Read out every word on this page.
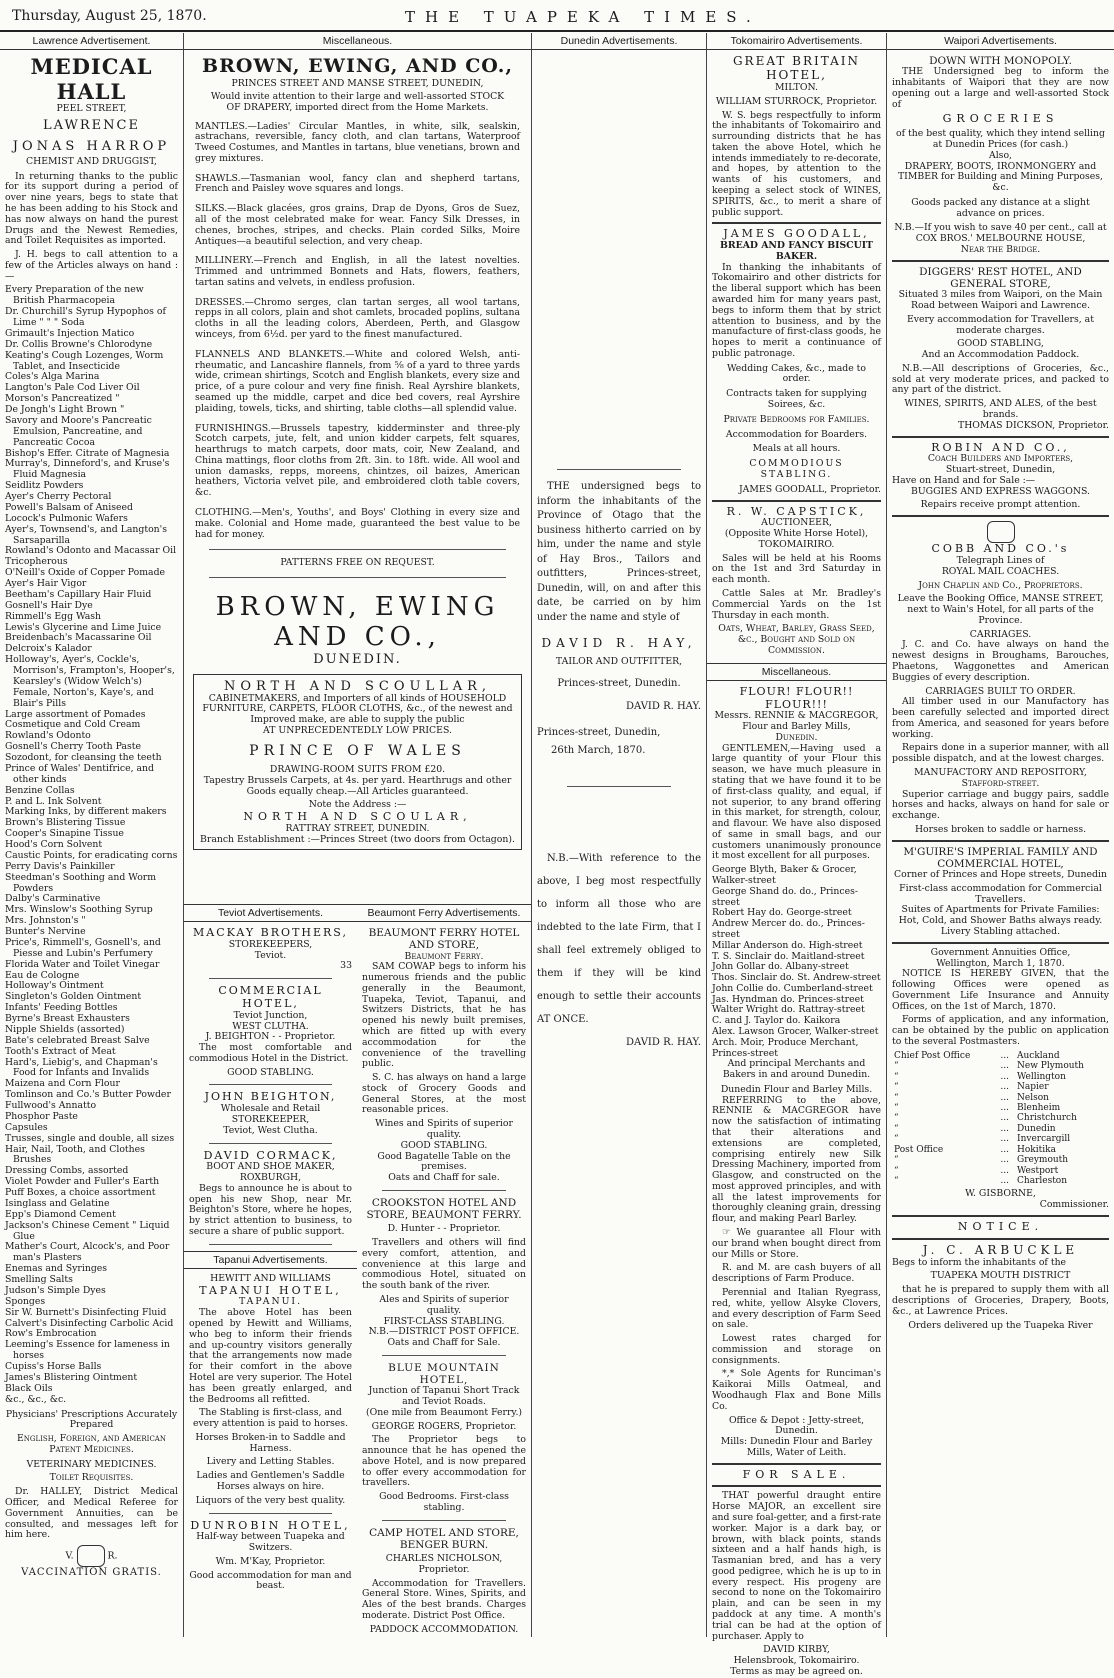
Thursday, August 25, 1870.	THE TUAPEKA TIMES.
Lawrence Advertisement.
MEDICAL HALL
PEEL STREET,
LAWRENCE
JONAS HARROP
CHEMIST AND DRUGGIST,
In returning thanks to the public for its support during a period of over nine years, begs to state that he has been adding to his Stock and has now always on hand the purest Drugs and the Newest Remedies, and Toilet Requisites as imported.
J. H. begs to call attention to a few of the Articles always on hand :—
Every Preparation of the new British Pharmacopeia
Dr. Churchill's Syrup Hypophos of Lime " " " Soda
Grimault's Injection Matico
Dr. Collis Browne's Chlorodyne
Keating's Cough Lozenges, Worm Tablet, and Insecticide
Coles's Alga Marina
Langton's Pale Cod Liver Oil
Morson's Pancreatized "
De Jongh's Light Brown "
Savory and Moore's Pancreatic Emulsion, Pancreatine, and Pancreatic Cocoa
Bishop's Effer. Citrate of Magnesia
Murray's, Dinneford's, and Kruse's Fluid Magnesia
Seidlitz Powders
Ayer's Cherry Pectoral
Powell's Balsam of Aniseed
Locock's Pulmonic Wafers
Ayer's, Townsend's, and Langton's Sarsaparilla
Rowland's Odonto and Macassar Oil
Tricopherous
O'Neill's Oxide of Copper Pomade
Ayer's Hair Vigor
Beetham's Capillary Hair Fluid
Gosnell's Hair Dye
Rimmell's Egg Wash
Lewis's Glycerine and Lime Juice
Breidenbach's Macassarine Oil
Delcroix's Kalador
Holloway's, Ayer's, Cockle's, Morrison's, Frampton's, Hooper's, Kearsley's (Widow Welch's) Female, Norton's, Kaye's, and Blair's Pills
Large assortment of Pomades
Cosmetique and Cold Cream
Rowland's Odonto
Gosnell's Cherry Tooth Paste
Sozodont, for cleansing the teeth
Prince of Wales' Dentifrice, and other kinds
Benzine Collas
P. and L. Ink Solvent
Marking Inks, by different makers
Brown's Blistering Tissue
Cooper's Sinapine Tissue
Hood's Corn Solvent
Caustic Points, for eradicating corns
Perry Davis's Painkiller
Steedman's Soothing and Worm Powders
Dalby's Carminative
Mrs. Winslow's Soothing Syrup
Mrs. Johnston's "
Bunter's Nervine
Price's, Rimmell's, Gosnell's, and Piesse and Lubin's Perfumery
Florida Water and Toilet Vinegar
Eau de Cologne
Holloway's Ointment
Singleton's Golden Ointment
Infants' Feeding Bottles
Byrne's Breast Exhausters
Nipple Shields (assorted)
Bate's celebrated Breast Salve
Tooth's Extract of Meat
Hard's, Liebig's, and Chapman's Food for Infants and Invalids
Maizena and Corn Flour
Tomlinson and Co.'s Butter Powder
Fullwood's Annatto
Phosphor Paste
Capsules
Trusses, single and double, all sizes
Hair, Nail, Tooth, and Clothes Brushes
Dressing Combs, assorted
Violet Powder and Fuller's Earth
Puff Boxes, a choice assortment
Isinglass and Gelatine
Epp's Diamond Cement
Jackson's Chinese Cement " Liquid Glue
Mather's Court, Alcock's, and Poor man's Plasters
Enemas and Syringes
Smelling Salts
Judson's Simple Dyes
Sponges
Sir W. Burnett's Disinfecting Fluid
Calvert's Disinfecting Carbolic Acid
Row's Embrocation
Leeming's Essence for lameness in horses
Cupiss's Horse Balls
James's Blistering Ointment
Black Oils
&c., &c., &c.
Physicians' Prescriptions Accurately Prepared
English, Foreign, and American Patent Medicines.
VETERINARY MEDICINES.
Toilet Requisites.
Dr. HALLEY, District Medical Officer, and Medical Referee for Government Annuities, can be consulted, and messages left for him here.
V.	R.
VACCINATION GRATIS.
Miscellaneous.
BROWN, EWING, AND CO.,
PRINCES STREET AND MANSE STREET, DUNEDIN,
Would invite attention to their large and well-assorted STOCK OF DRAPERY, imported direct from the Home Markets.
MANTLES.—Ladies' Circular Mantles, in white, silk, sealskin, astrachans, reversible, fancy cloth, and clan tartans, Waterproof Tweed Costumes, and Mantles in tartans, blue venetians, brown and grey mixtures.
SHAWLS.—Tasmanian wool, fancy clan and shepherd tartans, French and Paisley wove squares and longs.
SILKS.—Black glacées, gros grains, Drap de Dyons, Gros de Suez, all of the most celebrated make for wear. Fancy Silk Dresses, in chenes, broches, stripes, and checks. Plain corded Silks, Moire Antiques—a beautiful selection, and very cheap.
MILLINERY.—French and English, in all the latest novelties. Trimmed and untrimmed Bonnets and Hats, flowers, feathers, tartan satins and velvets, in endless profusion.
DRESSES.—Chromo serges, clan tartan serges, all wool tartans, repps in all colors, plain and shot camlets, brocaded poplins, sultana cloths in all the leading colors, Aberdeen, Perth, and Glasgow winceys, from 6½d. per yard to the finest manufactured.
FLANNELS AND BLANKETS.—White and colored Welsh, anti-rheumatic, and Lancashire flannels, from ⅝ of a yard to three yards wide, crimean shirtings, Scotch and English blankets, every size and price, of a pure colour and very fine finish. Real Ayrshire blankets, seamed up the middle, carpet and dice bed covers, real Ayrshire plaiding, towels, ticks, and shirting, table cloths—all splendid value.
FURNISHINGS.—Brussels tapestry, kidderminster and three-ply Scotch carpets, jute, felt, and union kidder carpets, felt squares, hearthrugs to match carpets, door mats, coir, New Zealand, and China mattings, floor cloths from 2ft. 3in. to 18ft. wide. All wool and union damasks, repps, moreens, chintzes, oil baizes, American heathers, Victoria velvet pile, and embroidered cloth table covers, &c.
CLOTHING.—Men's, Youths', and Boys' Clothing in every size and make. Colonial and Home made, guaranteed the best value to be had for money.
PATTERNS FREE ON REQUEST.
BROWN, EWING AND CO.,
DUNEDIN.
NORTH AND SCOULLAR,
CABINETMAKERS, and Importers of all kinds of HOUSEHOLD FURNITURE, CARPETS, FLOOR CLOTHS, &c., of the newest and Improved make, are able to supply the public
AT UNPRECEDENTEDLY LOW PRICES.
PRINCE OF WALES
DRAWING-ROOM SUITS FROM £20.
Tapestry Brussels Carpets, at 4s. per yard. Hearthrugs and other Goods equally cheap.—All Articles guaranteed.
Note the Address :—
NORTH AND SCOULAR,
RATTRAY STREET, DUNEDIN.
Branch Establishment :—Princes Street (two doors from Octagon).
Teviot Advertisements.
MACKAY BROTHERS,
STOREKEEPERS,
Teviot.
33
COMMERCIAL HOTEL,
Teviot Junction,
WEST CLUTHA.
J. BEIGHTON - - Proprietor.
The most comfortable and commodious Hotel in the District.
GOOD STABLING.
JOHN BEIGHTON,
Wholesale and Retail
STOREKEEPER,
Teviot, West Clutha.
DAVID CORMACK,
BOOT AND SHOE MAKER,
ROXBURGH,
Begs to announce he is about to open his new Shop, near Mr. Beighton's Store, where he hopes, by strict attention to business, to secure a share of public support.
Tapanui Advertisements.
HEWITT AND WILLIAMS
TAPANUI HOTEL,
TAPANUI.
The above Hotel has been opened by Hewitt and Williams, who beg to inform their friends and up-country visitors generally that the arrangements now made for their comfort in the above Hotel are very superior. The Hotel has been greatly enlarged, and the Bedrooms all refitted.
The Stabling is first-class, and every attention is paid to horses.
Horses Broken-in to Saddle and Harness.
Livery and Letting Stables.
Ladies and Gentlemen's Saddle Horses always on hire.
Liquors of the very best quality.
DUNROBIN HOTEL,
Half-way between Tuapeka and Switzers.
Wm. M'Kay, Proprietor.
Good accommodation for man and beast.
Beaumont Ferry Advertisements.
BEAUMONT FERRY HOTEL AND STORE,
Beaumont Ferry.
SAM COWAP begs to inform his numerous friends and the public generally in the Beaumont, Tuapeka, Teviot, Tapanui, and Switzers Districts, that he has opened his newly built premises, which are fitted up with every accommodation for the convenience of the travelling public.
S. C. has always on hand a large stock of Grocery Goods and General Stores, at the most reasonable prices.
Wines and Spirits of superior quality.
GOOD STABLING.
Good Bagatelle Table on the premises.
Oats and Chaff for sale.
CROOKSTON HOTEL AND STORE, BEAUMONT FERRY.
D. Hunter - - Proprietor.
Travellers and others will find every comfort, attention, and convenience at this large and commodious Hotel, situated on the south bank of the river.
Ales and Spirits of superior quality.
FIRST-CLASS STABLING.
N.B.—DISTRICT POST OFFICE.
Oats and Chaff for Sale.
BLUE MOUNTAIN HOTEL,
Junction of Tapanui Short Track and Teviot Roads.
(One mile from Beaumont Ferry.)
GEORGE ROGERS, Proprietor.
The Proprietor begs to announce that he has opened the above Hotel, and is now prepared to offer every accommodation for travellers.
Good Bedrooms. First-class stabling.
CAMP HOTEL AND STORE, BENGER BURN.
CHARLES NICHOLSON, Proprietor.
Accommodation for Travellers. General Store. Wines, Spirits, and Ales of the best brands. Charges moderate. District Post Office.
PADDOCK ACCOMMODATION.
Dunedin Advertisements.

THE undersigned begs to inform the inhabitants of the Province of Otago that the business hitherto carried on by him, under the name and style of Hay Bros., Tailors and outfitters, Princes-street, Dunedin, will, on and after this date, be carried on by him under the name and style of

DAVID R. HAY,
TAILOR AND OUTFITTER,
Princes-street, Dunedin.
DAVID R. HAY.
Princes-street, Dunedin,
26th March, 1870.

N.B.—With reference to the above, I beg most respectfully to inform all those who are indebted to the late Firm, that I shall feel extremely obliged to them if they will be kind enough to settle their accounts AT ONCE.

DAVID R. HAY.
Tokomairiro Advertisements.
GREAT BRITAIN HOTEL,
MILTON.
WILLIAM STURROCK, Proprietor.
W. S. begs respectfully to inform the inhabitants of Tokomairiro and surrounding districts that he has taken the above Hotel, which he intends immediately to re-decorate, and hopes, by attention to the wants of his customers, and keeping a select stock of WINES, SPIRITS, &c., to merit a share of public support.
JAMES GOODALL,
BREAD AND FANCY BISCUIT BAKER.
In thanking the inhabitants of Tokomairiro and other districts for the liberal support which has been awarded him for many years past, begs to inform them that by strict attention to business, and by the manufacture of first-class goods, he hopes to merit a continuance of public patronage.
Wedding Cakes, &c., made to order.
Contracts taken for supplying Soirees, &c.
Private Bedrooms for Families.
Accommodation for Boarders.
Meals at all hours.
COMMODIOUS STABLING.
JAMES GOODALL, Proprietor.
R. W. CAPSTICK,
AUCTIONEER,
(Opposite White Horse Hotel), TOKOMAIRIRO.
Sales will be held at his Rooms on the 1st and 3rd Saturday in each month.
Cattle Sales at Mr. Bradley's Commercial Yards on the 1st Thursday in each month.
Oats, Wheat, Barley, Grass Seed, &c., Bought and Sold on Commission.
Miscellaneous.
FLOUR! FLOUR!! FLOUR!!!
Messrs. RENNIE & MACGREGOR, Flour and Barley Mills,
Dunedin.
GENTLEMEN,—Having used a large quantity of your Flour this season, we have much pleasure in stating that we have found it to be of first-class quality, and equal, if not superior, to any brand offering in this market, for strength, colour, and flavour. We have also disposed of same in small bags, and our customers unanimously pronounce it most excellent for all purposes.
George Blyth, Baker & Grocer, Walker-street
George Shand do. do., Princes-street
Robert Hay do. George-street
Andrew Mercer do. do., Princes-street
Millar Anderson do. High-street
T. S. Sinclair do. Maitland-street
John Gollar do. Albany-street
Thos. Sinclair do. St. Andrew-street
John Collie do. Cumberland-street
Jas. Hyndman do. Princes-street
Walter Wright do. Rattray-street
C. and J. Taylor do. Kaikora
Alex. Lawson Grocer, Walker-street
Arch. Moir, Produce Merchant, Princes-street
And principal Merchants and Bakers in and around Dunedin.
Dunedin Flour and Barley Mills.
REFERRING to the above, RENNIE & MACGREGOR have now the satisfaction of intimating that their alterations and extensions are completed, comprising entirely new Silk Dressing Machinery, imported from Glasgow, and constructed on the most approved principles, and with all the latest improvements for thoroughly cleaning grain, dressing flour, and making Pearl Barley.
☞ We guarantee all Flour with our brand when bought direct from our Mills or Store.
R. and M. are cash buyers of all descriptions of Farm Produce.
Perennial and Italian Ryegrass, red, white, yellow Alsyke Clovers, and every description of Farm Seed on sale.
Lowest rates charged for commission and storage on consignments.
*‚* Sole Agents for Runciman's Kaikorai Mills Oatmeal, and Woodhaugh Flax and Bone Mills Co.
Office & Depot : Jetty-street, Dunedin.
Mills: Dunedin Flour and Barley Mills, Water of Leith.
FOR SALE.
THAT powerful draught entire Horse MAJOR, an excellent sire and sure foal-getter, and a first-rate worker. Major is a dark bay, or brown, with black points, stands sixteen and a half hands high, is Tasmanian bred, and has a very good pedigree, which he is up to in every respect. His progeny are second to none on the Tokomairiro plain, and can be seen in my paddock at any time. A month's trial can be had at the option of purchaser. Apply to
DAVID KIRBY,
Helensbrook, Tokomairiro.
Terms as may be agreed on.
Waipori Advertisements.
DOWN WITH MONOPOLY.
THE Undersigned beg to inform the inhabitants of Waipori that they are now opening out a large and well-assorted Stock of
GROCERIES
of the best quality, which they intend selling at Dunedin Prices (for cash.)
Also,
DRAPERY, BOOTS, IRONMONGERY and TIMBER for Building and Mining Purposes, &c.
Goods packed any distance at a slight advance on prices.
N.B.—If you wish to save 40 per cent., call at
COX BROS.' MELBOURNE HOUSE,
Near the Bridge.
DIGGERS' REST HOTEL, AND GENERAL STORE,
Situated 3 miles from Waipori, on the Main Road between Waipori and Lawrence.
Every accommodation for Travellers, at moderate charges.
GOOD STABLING,
And an Accommodation Paddock.
N.B.—All descriptions of Groceries, &c., sold at very moderate prices, and packed to any part of the district.
WINES, SPIRITS, AND ALES, of the best brands.
THOMAS DICKSON, Proprietor.
ROBIN AND CO.,
Coach Builders and Importers,
Stuart-street, Dunedin,
Have on Hand and for Sale :—
BUGGIES AND EXPRESS WAGGONS.
Repairs receive prompt attention.
COBB AND CO.'s
Telegraph Lines of
ROYAL MAIL COACHES.
John Chaplin and Co., Proprietors.
Leave the Booking Office, MANSE STREET, next to Wain's Hotel, for all parts of the Province.
CARRIAGES.
J. C. and Co. have always on hand the newest designs in Broughams, Barouches, Phaetons, Waggonettes and American Buggies of every description.
CARRIAGES BUILT TO ORDER.
All timber used in our Manufactory has been carefully selected and imported direct from America, and seasoned for years before working.
Repairs done in a superior manner, with all possible dispatch, and at the lowest charges.
MANUFACTORY AND REPOSITORY,
Stafford-street.
Superior carriage and buggy pairs, saddle horses and hacks, always on hand for sale or exchange.
Horses broken to saddle or harness.
M'GUIRE'S IMPERIAL FAMILY AND COMMERCIAL HOTEL,
Corner of Princes and Hope streets, Dunedin
First-class accommodation for Commercial Travellers.
Suites of Apartments for Private Families: Hot, Cold, and Shower Baths always ready. Livery Stabling attached.
Government Annuities Office,
Wellington, March 1, 1870.
NOTICE IS HEREBY GIVEN, that the following Offices were opened as Government Life Insurance and Annuity Offices, on the 1st of March, 1870.
Forms of application, and any information, can be obtained by the public on application to the several Postmasters.
Chief Post Office	...	Auckland
“	...	New Plymouth
“	...	Wellington
“	...	Napier
“	...	Nelson
“	...	Blenheim
“	...	Christchurch
“	...	Dunedin
“	...	Invercargill
Post Office	...	Hokitika
“	...	Greymouth
“	...	Westport
“	...	Charleston
W. GISBORNE,
Commissioner.
NOTICE.
J. C. ARBUCKLE
Begs to inform the inhabitants of the
TUAPEKA MOUTH DISTRICT
that he is prepared to supply them with all descriptions of Groceries, Drapery, Boots, &c., at Lawrence Prices.
Orders delivered up the Tuapeka River
